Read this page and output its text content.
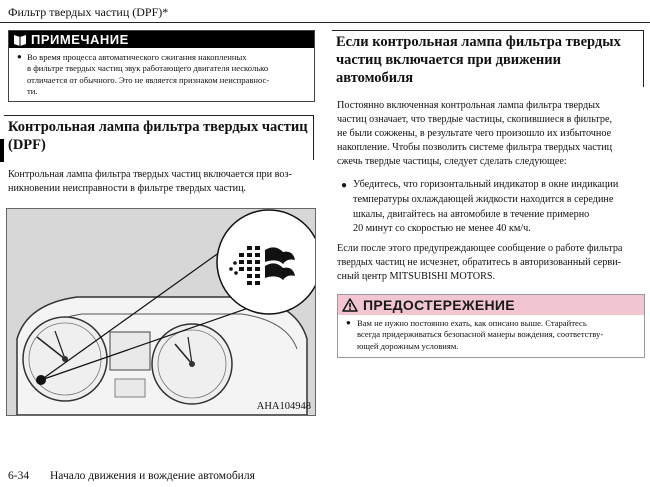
Фильтр твердых частиц (DPF)*
ПРИМЕЧАНИЕ
● Во время процесса автоматического сжигания накопленных
в фильтре твердых частиц звук работающего двигателя несколько
отличается от обычного. Это не является признаком неисправнос-
ти.
Контрольная лампа фильтра твердых частиц
(DPF)
Контрольная лампа фильтра твердых частиц включается при воз-
никновении неисправности в фильтре твердых частиц.
AHA104948
Если контрольная лампа фильтра твердых
частиц включается при движении
автомобиля
Постоянно включенная контрольная лампа фильтра твердых
частиц означает, что твердые частицы, скопившиеся в фильтре,
не были сожжены, в результате чего произошло их избыточное
накопление. Чтобы позволить системе фильтра твердых частиц
сжечь твердые частицы, следует сделать следующее:
● Убедитесь, что горизонтальный индикатор в окне индикации
температуры охлаждающей жидкости находится в середине
шкалы, двигайтесь на автомобиле в течение примерно
20 минут со скоростью не менее 40 км/ч.
Если после этого предупреждающее сообщение о работе фильтра
твердых частиц не исчезнет, обратитесь в авторизованный серви-
сный центр MITSUBISHI MOTORS.
ПРЕДОСТЕРЕЖЕНИЕ
● Вам не нужно постоянно ехать, как описано выше. Старайтесь
всегда придерживаться безопасной манеры вождения, соответству-
ющей дорожным условиям.
6-34 Начало движения и вождение автомобиля
